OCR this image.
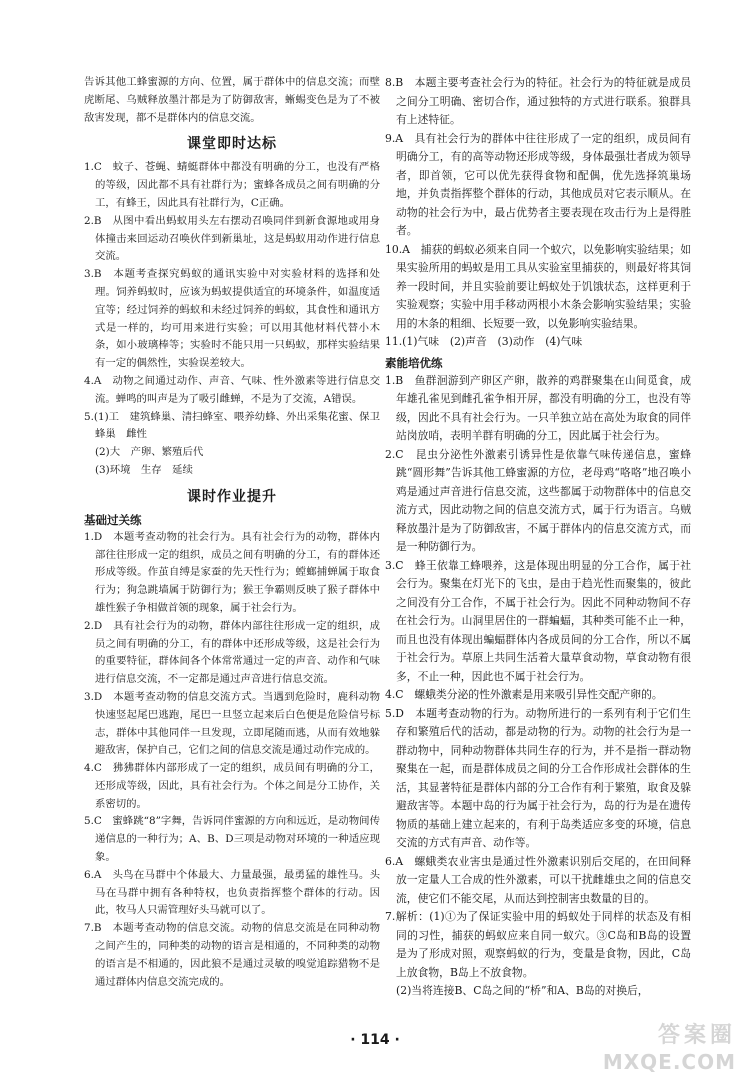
告诉其他工蜂蜜源的方向、位置，属于群体中的信息交流；而壁虎断尾、乌贼释放墨汁都是为了防御敌害，蜥蜴变色是为了不被敌害发现，都不是群体内的信息交流。

课堂即时达标

1.C　蚊子、苍蝇、蜻蜓群体中都没有明确的分工，也没有严格的等级，因此都不具有社群行为；蜜蜂各成员之间有明确的分工，有蜂王，因此具有社群行为，C正确。

2.B　从图中看出蚂蚁用头左右摆动召唤同伴到新食源地或用身体撞击来回运动召唤伙伴到新巢址，这是蚂蚁用动作进行信息交流。

3.B　本题考查探究蚂蚁的通讯实验中对实验材料的选择和处理。饲养蚂蚁时，应该为蚂蚁提供适宜的环境条件，如温度适宜等；经过饲养的蚂蚁和未经过饲养的蚂蚁，其食性和通讯方式是一样的，均可用来进行实验；可以用其他材料代替小木条，如小玻璃棒等；实验时不能只用一只蚂蚁，那样实验结果有一定的偶然性，实验误差较大。

4.A　动物之间通过动作、声音、气味、性外激素等进行信息交流。蝉鸣的叫声是为了吸引雌蝉，不是为了交流，A错误。

5.(1)工　建筑蜂巢、清扫蜂室、喂养幼蜂、外出采集花蜜、保卫蜂巢　雌性

(2)大　产卵、繁殖后代

(3)环境　生存　延续

课时作业提升
基础过关练

1.D　本题考查动物的社会行为。具有社会行为的动物，群体内部往往形成一定的组织，成员之间有明确的分工，有的群体还形成等级。作茧自缚是家蚕的先天性行为；螳螂捕蝉属于取食行为；狗急跳墙属于防御行为；猴王争霸则反映了猴子群体中雄性猴子争相做首领的现象，属于社会行为。

2.D　具有社会行为的动物，群体内部往往形成一定的组织，成员之间有明确的分工，有的群体中还形成等级，这是社会行为的重要特征，群体间各个体常常通过一定的声音、动作和气味进行信息交流，不一定都是通过声音进行信息交流。

3.D　本题考查动物的信息交流方式。当遇到危险时，鹿科动物快速竖起尾巴逃跑，尾巴一旦竖立起来后白色便是危险信号标志，群体中其他同伴一旦发现，立即尾随而逃，从而有效地躲避敌害，保护自己，它们之间的信息交流是通过动作完成的。

4.C　狒狒群体内部形成了一定的组织，成员间有明确的分工，还形成等级，因此，具有社会行为。个体之间是分工协作，关系密切的。

5.C　蜜蜂跳“8”字舞，告诉同伴蜜源的方向和远近，是动物间传递信息的一种行为；A、B、D三项是动物对环境的一种适应现象。

6.A　头鸟在马群中个体最大、力量最强，最勇猛的雄性马。头马在马群中拥有各种特权，也负责指挥整个群体的行动。因此，牧马人只需管理好头马就可以了。

7.B　本题考查动物的信息交流。动物的信息交流是在同种动物之间产生的，同种类的动物的语言是相通的，不同种类的动物的语言是不相通的，因此狼不是通过灵敏的嗅觉追踪猎物不是通过群体内信息交流完成的。

8.B　本题主要考查社会行为的特征。社会行为的特征就是成员之间分工明确、密切合作，通过独特的方式进行联系。狼群具有上述特征。

9.A　具有社会行为的群体中往往形成了一定的组织，成员间有明确分工，有的高等动物还形成等级，身体最强壮者成为领导者，即首领，它可以优先获得食物和配偶，优先选择筑巢场地，并负责指挥整个群体的行动，其他成员对它表示顺从。在动物的社会行为中，最占优势者主要表现在攻击行为上是得胜者。

10.A　捕获的蚂蚁必须来自同一个蚁穴，以免影响实验结果；如果实验所用的蚂蚁是用工具从实验室里捕获的，则最好将其饲养一段时间，并且实验前要让蚂蚁处于饥饿状态，这样更利于实验观察；实验中用手移动两根小木条会影响实验结果；实验用的木条的粗细、长短要一致，以免影响实验结果。

11.(1)气味　(2)声音　(3)动作　(4)气味

素能培优练

1.B　鱼群洄游到产卵区产卵，散养的鸡群聚集在山间觅食，成年雄孔雀见到雌孔雀争相开屏，都没有明确的分工，也没有等级，因此不具有社会行为。一只羊独立站在高处为取食的同伴站岗放哨，表明羊群有明确的分工，因此属于社会行为。

2.C　昆虫分泌性外激素引诱异性是依靠气味传递信息，蜜蜂跳“圆形舞”告诉其他工蜂蜜源的方位，老母鸡“咯咯”地召唤小鸡是通过声音进行信息交流，这些都属于动物群体中的信息交流方式，因此动物之间的信息交流方式，属于行为语言。乌贼释放墨汁是为了防御敌害，不属于群体内的信息交流方式，而是一种防御行为。

3.C　蜂王依靠工蜂喂养，这是体现出明显的分工合作，属于社会行为。聚集在灯光下的飞虫，是由于趋光性而聚集的，彼此之间没有分工合作，不属于社会行为。因此不同种动物间不存在社会行为。山洞里居住的一群蝙蝠，其种类可能不止一种，而且也没有体现出蝙蝠群体内各成员间的分工合作，所以不属于社会行为。草原上共同生活着大量草食动物，草食动物有很多，不止一种，因此也不属于社会行为。

4.C　螺蛾类分泌的性外激素是用来吸引异性交配产卵的。

5.D　本题考查动物的行为。动物所进行的一系列有利于它们生存和繁殖后代的活动，都是动物的行为。动物的社会行为是一群动物中，同种动物群体共同生存的行为，并不是指一群动物聚集在一起，而是群体成员之间的分工合作形成社会群体的生活，其显著特征是群体内部的分工合作有利于繁殖，取食及躲避敌害等。本题中岛的行为属于社会行为，岛的行为是在遗传物质的基础上建立起来的，有利于岛类适应多变的环境，信息交流的方式有声音、动作等。

6.A　螺蛾类农业害虫是通过性外激素识别后交尾的，在田间释放一定量人工合成的性外激素，可以干扰雌雄虫之间的信息交流，使它们不能交尾，从而达到控制害虫数量的目的。

7.解析：(1)①为了保证实验中用的蚂蚁处于同样的状态及有相同的习性，捕获的蚂蚁应来自同一蚁穴。③C岛和B岛的设置是为了形成对照，观察蚂蚁的行为，变量是食物，因此，C岛上放食物，B岛上不放食物。

(2)当将连接B、C岛之间的“桥”和A、B岛的对换后，

· 114 ·	答案圈
MXQE.COM
